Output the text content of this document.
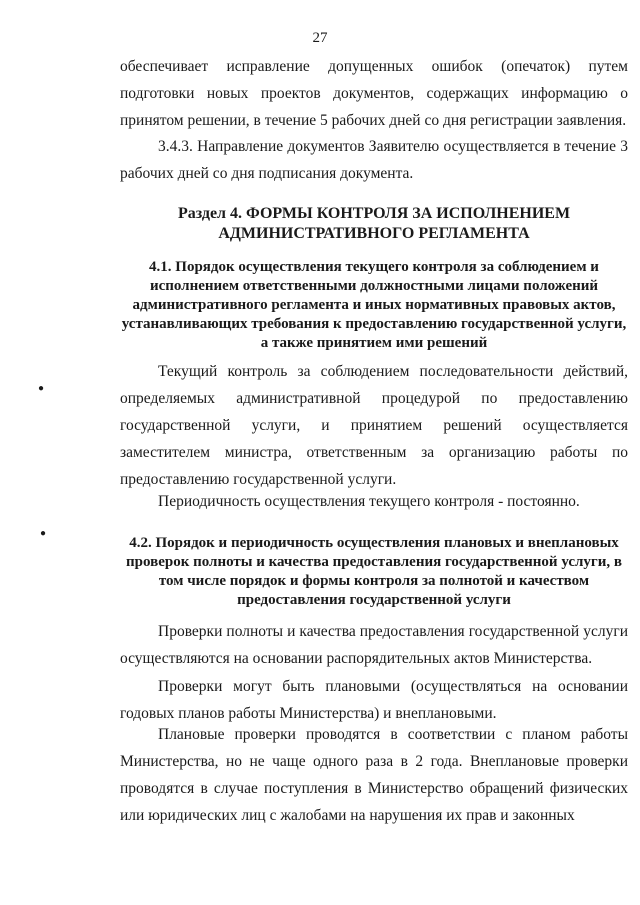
27

обеспечивает исправление допущенных ошибок (опечаток) путем подготовки новых проектов документов, содержащих информацию о принятом решении, в течение 5 рабочих дней со дня регистрации заявления.

3.4.3. Направление документов Заявителю осуществляется в течение 3 рабочих дней со дня подписания документа.

Раздел 4. ФОРМЫ КОНТРОЛЯ ЗА ИСПОЛНЕНИЕМ

АДМИНИСТРАТИВНОГО РЕГЛАМЕНТА

4.1. Порядок осуществления текущего контроля за соблюдением и исполнением ответственными должностными лицами положений административного регламента и иных нормативных правовых актов, устанавливающих требования к предоставлению государственной услуги, а также принятием ими решений

Текущий контроль за соблюдением последовательности действий, определяемых административной процедурой по предоставлению государственной услуги, и принятием решений осуществляется заместителем министра, ответственным за организацию работы по предоставлению государственной услуги.

Периодичность осуществления текущего контроля - постоянно.

4.2. Порядок и периодичность осуществления плановых и внеплановых проверок полноты и качества предоставления государственной услуги, в том числе порядок и формы контроля за полнотой и качеством предоставления государственной услуги

Проверки полноты и качества предоставления государственной услуги осуществляются на основании распорядительных актов Министерства.

Проверки могут быть плановыми (осуществляться на основании годовых планов работы Министерства) и внеплановыми.

Плановые проверки проводятся в соответствии с планом работы Министерства, но не чаще одного раза в 2 года. Внеплановые проверки проводятся в случае поступления в Министерство обращений физических или юридических лиц с жалобами на нарушения их прав и законных

●
●
